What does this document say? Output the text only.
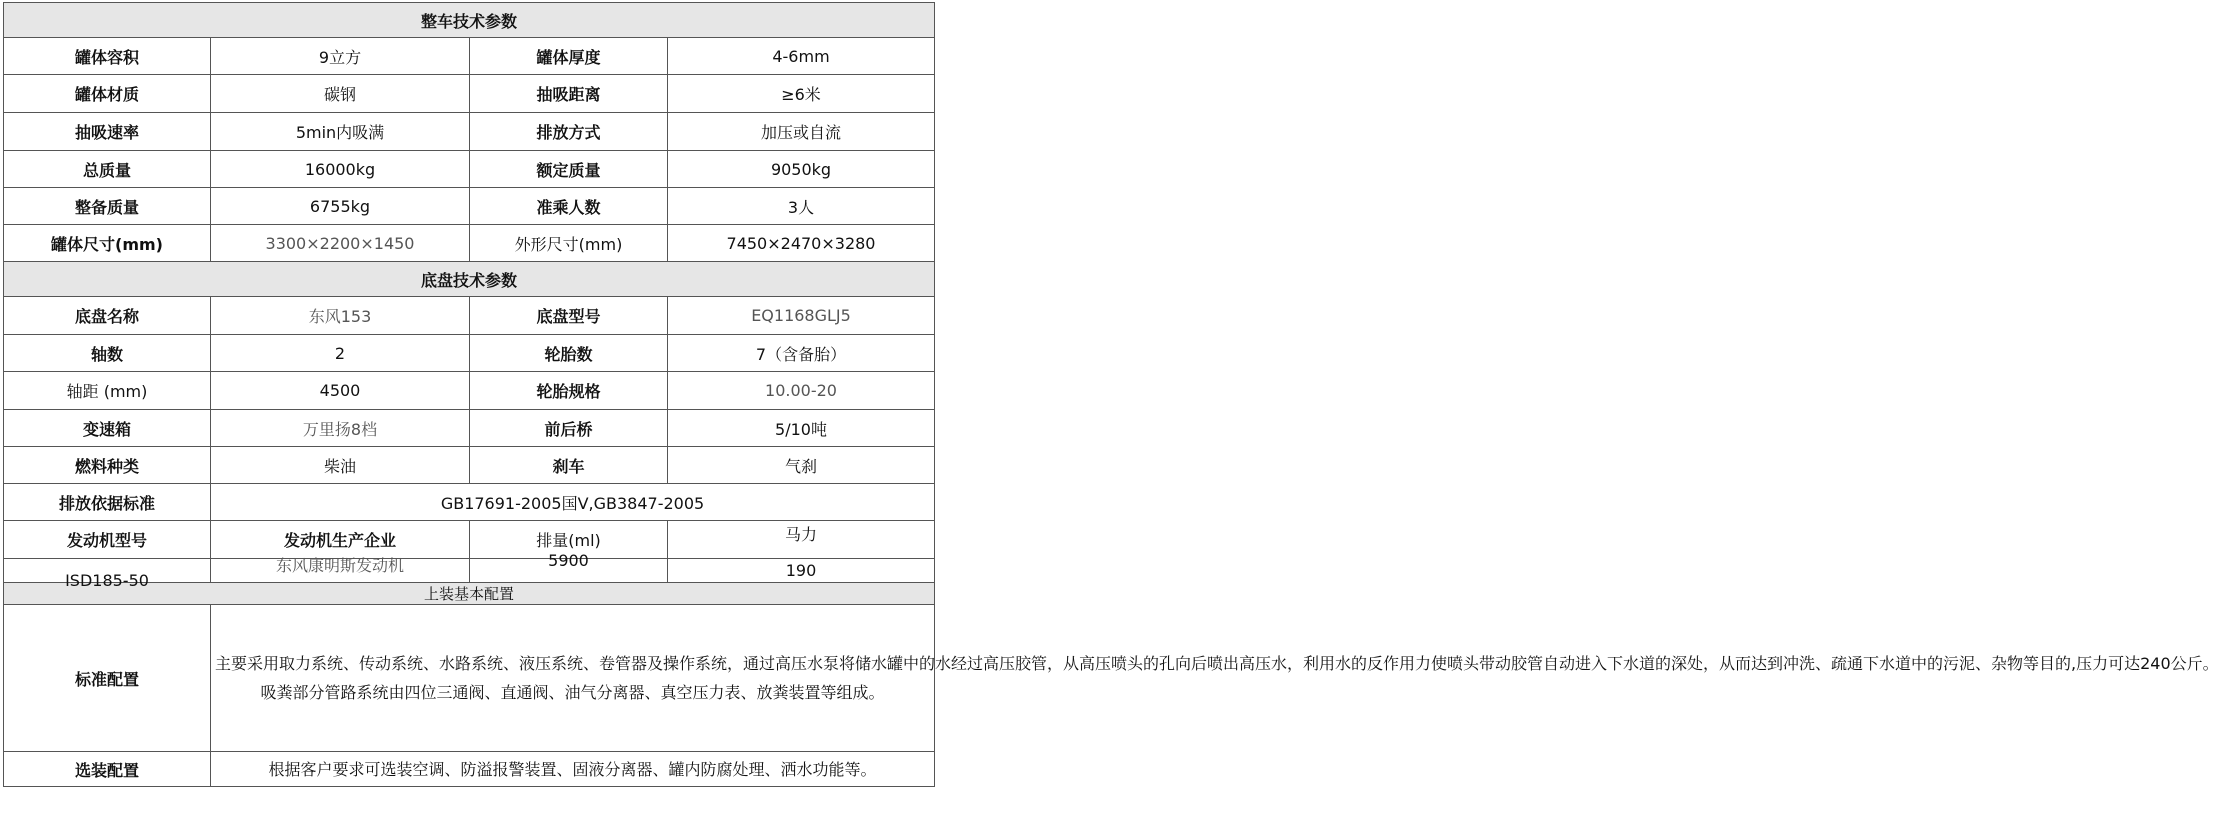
整车技术参数			
罐体容积	9立方	罐体厚度	4-6mm
罐体材质	碳钢	抽吸距离	≥6米
抽吸速率	5min内吸满	排放方式	加压或自流
总质量	16000kg	额定质量	9050kg
整备质量	6755kg	准乘人数	3人
罐体尺寸(mm)	3300×2200×1450	外形尺寸(mm)	7450×2470×3280
底盘技术参数			
底盘名称	东风153	底盘型号	EQ1168GLJ5
轴数	2	轮胎数	7（含备胎）
轴距 (mm)	4500	轮胎规格	10.00-20
变速箱	万里扬8档	前后桥	5/10吨
燃料种类	柴油	刹车	气刹
排放依据标准	GB17691-2005国Ⅴ,GB3847-2005		
发动机型号	发动机生产企业	排量(ml)	马力
ISD185-50	东风康明斯发动机	5900	190
上装基本配置			
标准配置	主要采用取力系统、传动系统、水路系统、液压系统、卷管器及操作系统，通过高压水泵将储水罐中的水经过高压胶管，从高压喷头的孔向后喷出高压水，利用水的反作用力使喷头带动胶管自动进入下水道的深处，从而达到冲洗、疏通下水道中的污泥、杂物等目的,压力可达240公斤。

吸粪部分管路系统由四位三通阀、直通阀、油气分离器、真空压力表、放粪装置等组成。		

选装配置	根据客户要求可选装空调、防溢报警装置、固液分离器、罐内防腐处理、洒水功能等。		
